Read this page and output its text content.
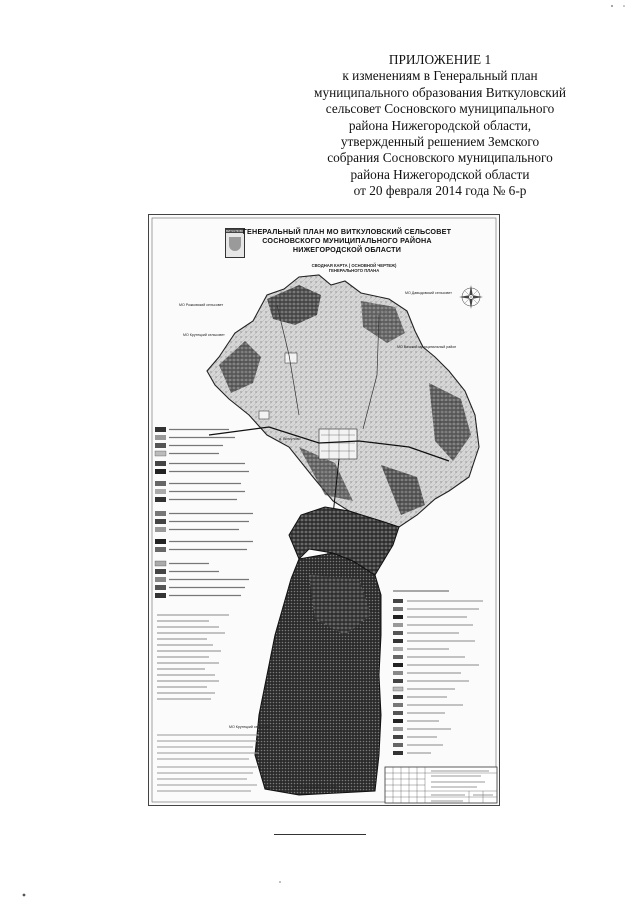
ПРИЛОЖЕНИЕ 1
к изменениям в Генеральный план
муниципального образования Виткуловский
сельсовет Сосновского муниципального
района Нижегородской области,
утвержденный решением Земского
собрания Сосновского муниципального
района Нижегородской области
от 20 февраля 2014 года № 6-р
ВИТКУЛОВО
ГЕНЕРАЛЬНЫЙ ПЛАН МО ВИТКУЛОВСКИЙ СЕЛЬСОВЕТ
СОСНОВСКОГО МУНИЦИПАЛЬНОГО РАЙОНА
НИЖЕГОРОДСКОЙ ОБЛАСТИ
СВОДНАЯ КАРТА ( ОСНОВНОЙ ЧЕРТЕЖ)
ГЕНЕРАЛЬНОГО ПЛАНА
МО Рожковский сельсовет
МО Крутецкий сельсовет
МО Давыдовский сельсовет
МО Вачский муниципальный район
д. Виткулово
МО Рожковский сельсовет
МО Крутецкий сельсовет
